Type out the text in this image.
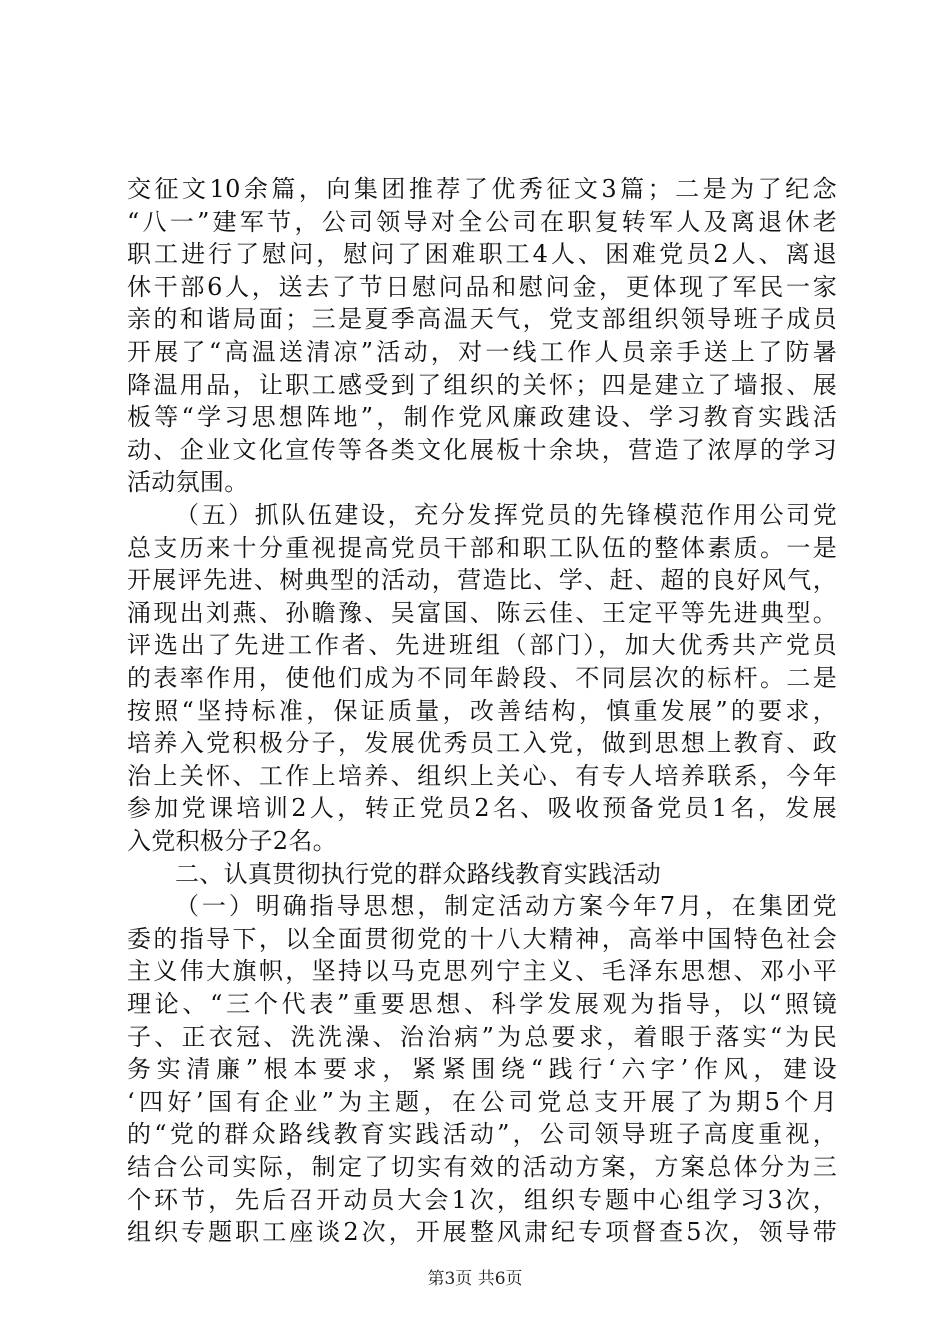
交征文10余篇，向集团推荐了优秀征文3篇；二是为了纪念
“八一”建军节，公司领导对全公司在职复转军人及离退休老
职工进行了慰问，慰问了困难职工4人、困难党员2人、离退
休干部6人，送去了节日慰问品和慰问金，更体现了军民一家
亲的和谐局面；三是夏季高温天气，党支部组织领导班子成员
开展了“高温送清凉”活动，对一线工作人员亲手送上了防暑
降温用品，让职工感受到了组织的关怀；四是建立了墙报、展
板等“学习思想阵地”，制作党风廉政建设、学习教育实践活
动、企业文化宣传等各类文化展板十余块，营造了浓厚的学习
活动氛围。
（五）抓队伍建设，充分发挥党员的先锋模范作用公司党
总支历来十分重视提高党员干部和职工队伍的整体素质。一是
开展评先进、树典型的活动，营造比、学、赶、超的良好风气，
涌现出刘燕、孙瞻豫、吴富国、陈云佳、王定平等先进典型。
评选出了先进工作者、先进班组（部门），加大优秀共产党员
的表率作用，使他们成为不同年龄段、不同层次的标杆。二是
按照“坚持标准，保证质量，改善结构，慎重发展”的要求，
培养入党积极分子，发展优秀员工入党，做到思想上教育、政
治上关怀、工作上培养、组织上关心、有专人培养联系，今年
参加党课培训2人，转正党员2名、吸收预备党员1名，发展
入党积极分子2名。
二、认真贯彻执行党的群众路线教育实践活动
（一）明确指导思想，制定活动方案今年7月，在集团党
委的指导下，以全面贯彻党的十八大精神，高举中国特色社会
主义伟大旗帜，坚持以马克思列宁主义、毛泽东思想、邓小平
理论、“三个代表”重要思想、科学发展观为指导，以“照镜
子、正衣冠、洗洗澡、治治病”为总要求，着眼于落实“为民
务实清廉”根本要求，紧紧围绕“践行‘六字’作风，建设
‘四好’国有企业”为主题，在公司党总支开展了为期5个月
的“党的群众路线教育实践活动”，公司领导班子高度重视，
结合公司实际，制定了切实有效的活动方案，方案总体分为三
个环节，先后召开动员大会1次，组织专题中心组学习3次，
组织专题职工座谈2次，开展整风肃纪专项督查5次，领导带
第3页 共6页
